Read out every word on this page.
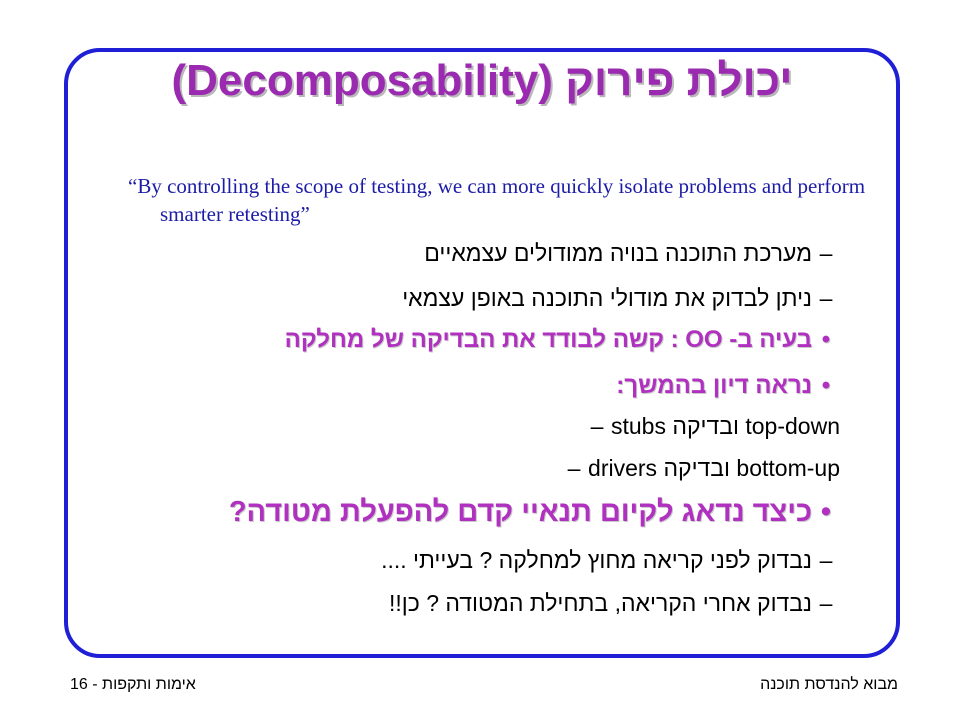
יכולת פירוק (Decomposability)
“By controlling the scope of testing, we can more quickly isolate problems and perform smarter retesting”
–מערכת התוכנה בנויה ממודולים עצמאיים
–ניתן לבדוק את מודולי התוכנה באופן עצמאי
•בעיה ב- OO : קשה לבודד את הבדיקה של מחלקה
•נראה דיון בהמשך:
– stubs ובדיקה top-down
– drivers ובדיקה bottom-up
•כיצד נדאג לקיום תנאיי קדם להפעלת מטודה?
–נבדוק לפני קריאה מחוץ למחלקה ? בעייתי ....
–נבדוק אחרי הקריאה, בתחילת המטודה ? כן!!
אימות ותקפות - 16	מבוא להנדסת תוכנה
